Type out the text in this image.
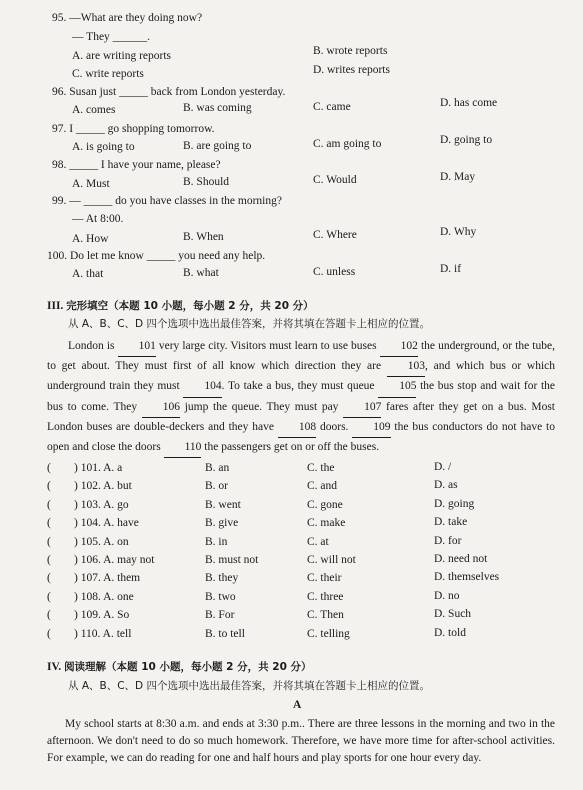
95. —What are they doing now?
— They ______.
A. are writing reports	B. wrote reports
C. write reports	D. writes reports
96. Susan just _____ back from London yesterday.
A. comes	B. was coming	C. came	D. has come
97. I _____ go shopping tomorrow.
A. is going to	B. are going to	C. am going to	D. going to
98. _____ I have your name, please?
A. Must	B. Should	C. Would	D. May
99. — _____ do you have classes in the morning?
— At 8:00.
A. How	B. When	C. Where	D. Why
100. Do let me know _____ you need any help.
A. that	B. what	C. unless	D. if
III. 完形填空（本题 10 小题，每小题 2 分，共 20 分）
从 A、B、C、D 四个选项中选出最佳答案，并将其填在答题卡上相应的位置。
London is 101 very large city. Visitors must learn to use buses 102 the underground, or the tube, to get about. They must first of all know which direction they are 103, and which bus or which underground train they must 104. To take a bus, they must queue 105 the bus stop and wait for the bus to come. They 106 jump the queue. They must pay 107 fares after they get on a bus. Most London buses are double-deckers and they have 108 doors. 109 the bus conductors do not have to open and close the doors 110 the passengers get on or off the buses.
( ) 101. A. a	B. an	C. the	D. /
( ) 102. A. but	B. or	C. and	D. as
( ) 103. A. go	B. went	C. gone	D. going
( ) 104. A. have	B. give	C. make	D. take
( ) 105. A. on	B. in	C. at	D. for
( ) 106. A. may not	B. must not	C. will not	D. need not
( ) 107. A. them	B. they	C. their	D. themselves
( ) 108. A. one	B. two	C. three	D. no
( ) 109. A. So	B. For	C. Then	D. Such
( ) 110. A. tell	B. to tell	C. telling	D. told
IV. 阅读理解（本题 10 小题，每小题 2 分，共 20 分）
从 A、B、C、D 四个选项中选出最佳答案，并将其填在答题卡上相应的位置。
A
My school starts at 8:30 a.m. and ends at 3:30 p.m.. There are three lessons in the morning and two in the afternoon. We don't need to do so much homework. Therefore, we have more time for after-school activities. For example, we can do reading for one and half hours and play sports for one hour every day.
